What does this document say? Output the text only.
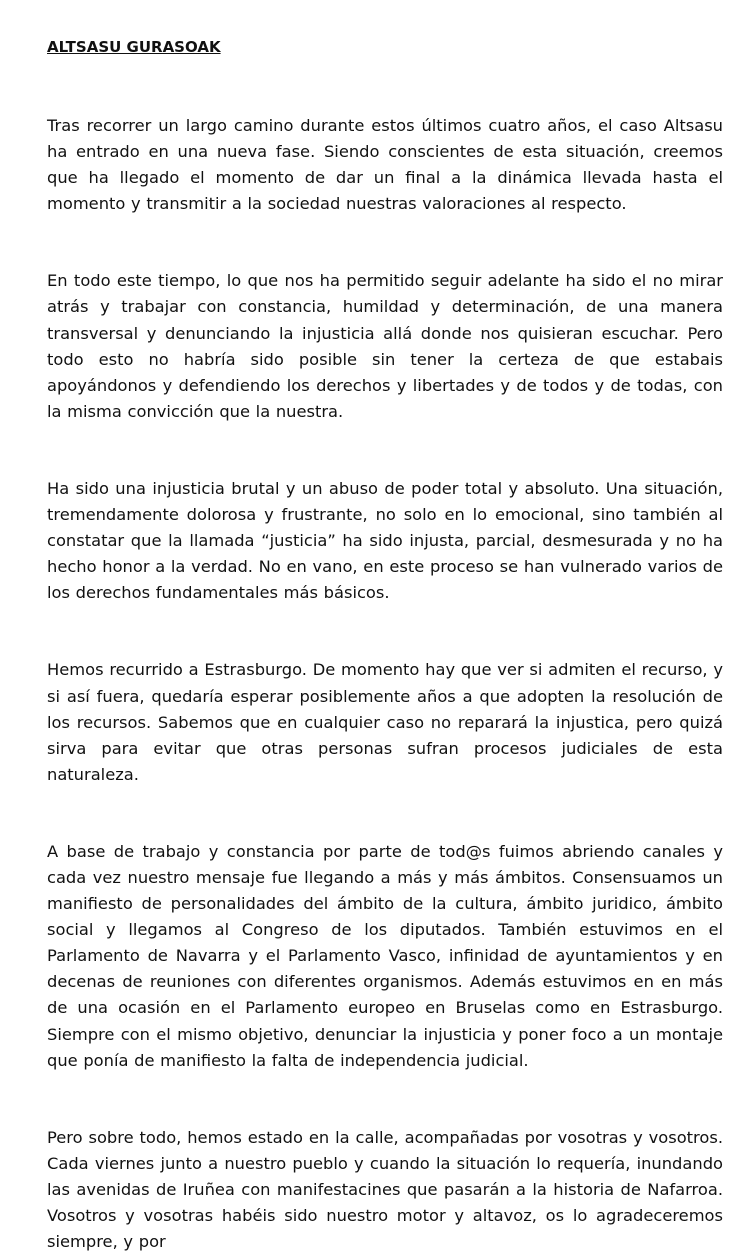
ALTSASU GURASOAK

Tras recorrer un largo camino durante estos últimos cuatro años, el caso Altsasu ha entrado en una nueva fase. Siendo conscientes de esta situación, creemos que ha llegado el momento de dar un final a la dinámica llevada hasta el momento y transmitir a la sociedad nuestras valoraciones al respecto.

En todo este tiempo, lo que nos ha permitido seguir adelante ha sido el no mirar atrás y trabajar con constancia, humildad y determinación, de una manera transversal y denunciando la injusticia allá donde nos quisieran escuchar. Pero todo esto no habría sido posible sin tener la certeza de que estabais apoyándonos y defendiendo los derechos y libertades y de todos y de todas, con la misma convicción que la nuestra.

Ha sido una injusticia brutal y un abuso de poder total y absoluto. Una situación, tremendamente dolorosa y frustrante, no solo en lo emocional, sino también al constatar que la llamada “justicia” ha sido injusta, parcial, desmesurada y no ha hecho honor a la verdad. No en vano, en este proceso se han vulnerado varios de los derechos fundamentales más básicos.

Hemos recurrido a Estrasburgo. De momento hay que ver si admiten el recurso, y si así fuera, quedaría esperar posiblemente años a que adopten la resolución de los recursos. Sabemos que en cualquier caso no reparará la injustica, pero quizá sirva para evitar que otras personas sufran procesos judiciales de esta naturaleza.

A base de trabajo y constancia por parte de tod@s fuimos abriendo canales y cada vez nuestro mensaje fue llegando a más y más ámbitos. Consensuamos un manifiesto de personalidades del ámbito de la cultura, ámbito juridico, ámbito social y llegamos al Congreso de los diputados. También estuvimos en el Parlamento de Navarra y el Parlamento Vasco, infinidad de ayuntamientos y en decenas de reuniones con diferentes organismos. Además estuvimos en en más de una ocasión en el Parlamento europeo en Bruselas como en Estrasburgo. Siempre con el mismo objetivo, denunciar la injusticia y poner foco a un montaje que ponía de manifiesto la falta de independencia judicial.

Pero sobre todo, hemos estado en la calle, acompañadas por vosotras y vosotros. Cada viernes junto a nuestro pueblo y cuando la situación lo requería, inundando las avenidas de Iruñea con manifestacines que pasarán a la historia de Nafarroa. Vosotros y vosotras habéis sido nuestro motor y altavoz, os lo agradeceremos siempre, y por
